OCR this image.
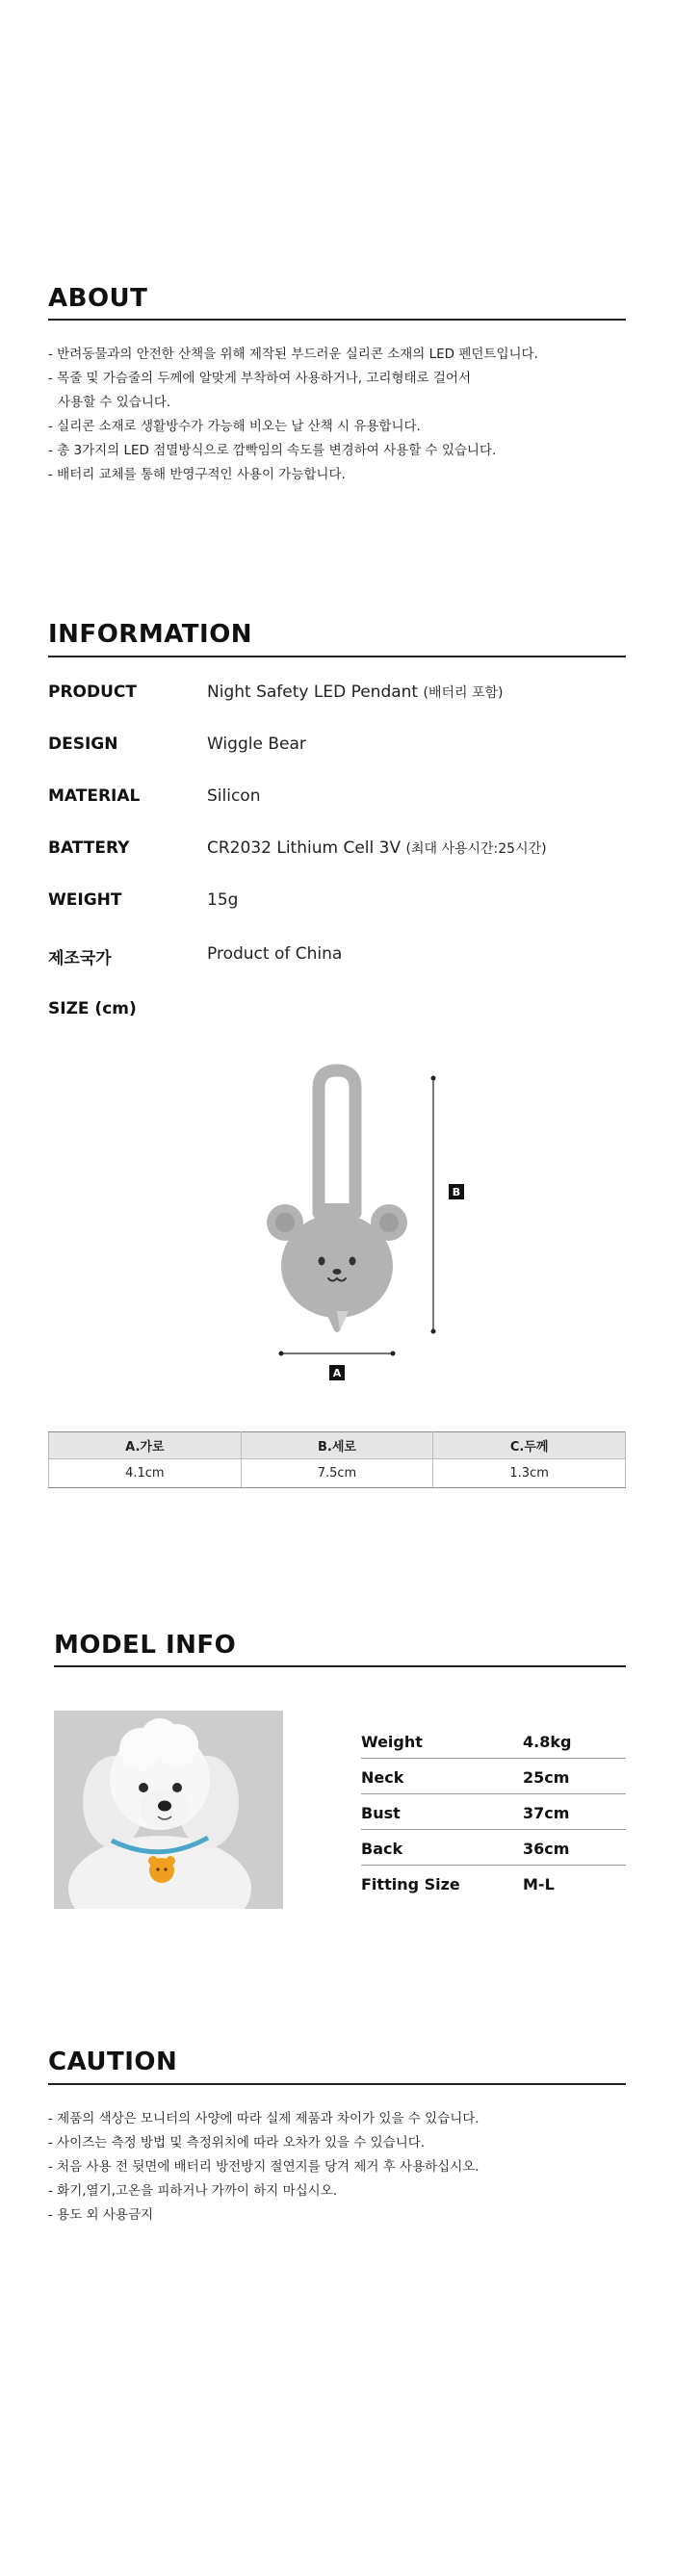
ABOUT
- 반려동물과의 안전한 산책을 위해 제작된 부드러운 실리콘 소재의 LED 펜던트입니다.
- 목줄 및 가슴줄의 두께에 알맞게 부착하여 사용하거나, 고리형태로 걸어서
사용할 수 있습니다.
- 실리콘 소재로 생활방수가 가능해 비오는 날 산책 시 유용합니다.
- 총 3가지의 LED 점멸방식으로 깜빡임의 속도를 변경하여 사용할 수 있습니다.
- 배터리 교체를 통해 반영구적인 사용이 가능합니다.
INFORMATION
PRODUCT	Night Safety LED Pendant (배터리 포함)
DESIGN	Wiggle Bear
MATERIAL	Silicon
BATTERY	CR2032 Lithium Cell 3V (최대 사용시간:25시간)
WEIGHT	15g
제조국가	Product of China
SIZE (cm)
B
A
A.가로	B.세로	C.두께
4.1cm	7.5cm	1.3cm
MODEL INFO
Weight	4.8kg
Neck	25cm
Bust	37cm
Back	36cm
Fitting Size	M-L
CAUTION
- 제품의 색상은 모니터의 사양에 따라 실제 제품과 차이가 있을 수 있습니다.
- 사이즈는 측정 방법 및 측정위치에 따라 오차가 있을 수 있습니다.
- 처음 사용 전 뒷면에 배터리 방전방지 절연지를 당겨 제거 후 사용하십시오.
- 화기,열기,고온을 피하거나 가까이 하지 마십시오.
- 용도 외 사용금지
